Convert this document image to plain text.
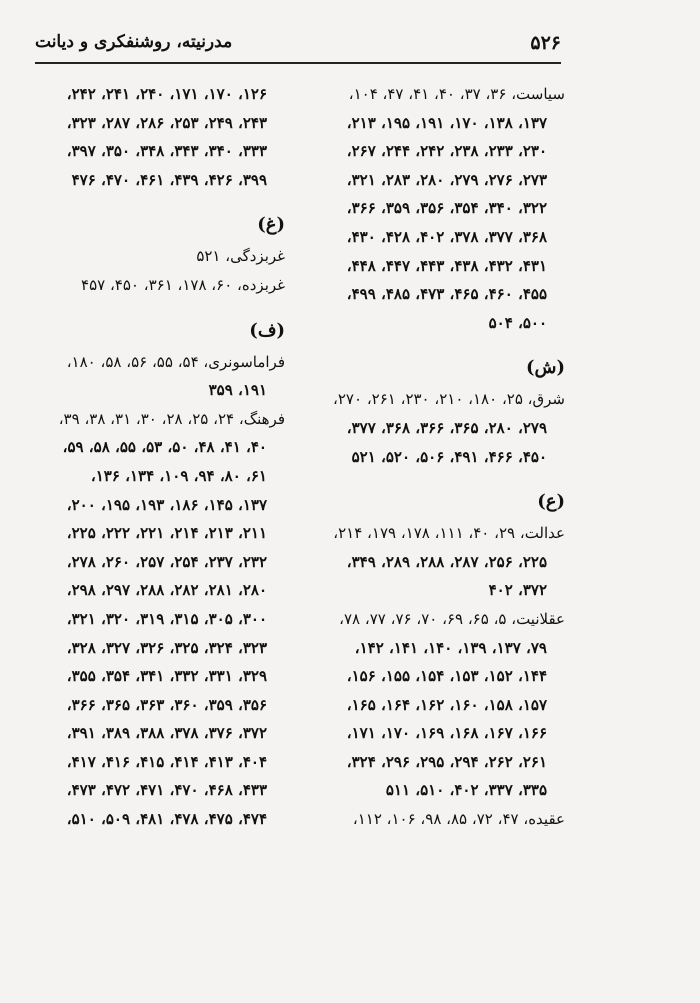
۵۲۶
مدرنیته، روشنفکری و دیانت
سیاست، ۳۶، ۳۷، ۴۰، ۴۱، ۴۷، ۱۰۴،
۱۳۷، ۱۳۸، ۱۷۰، ۱۹۱، ۱۹۵، ۲۱۳،
۲۳۰، ۲۳۳، ۲۳۸، ۲۴۲، ۲۴۴، ۲۶۷،
۲۷۳، ۲۷۶، ۲۷۹، ۲۸۰، ۲۸۳، ۳۲۱،
۳۲۲، ۳۴۰، ۳۵۴، ۳۵۶، ۳۵۹، ۳۶۶،
۳۶۸، ۳۷۷، ۳۷۸، ۴۰۲، ۴۲۸، ۴۳۰،
۴۳۱، ۴۳۲، ۴۳۸، ۴۴۳، ۴۴۷، ۴۴۸،
۴۵۵، ۴۶۰، ۴۶۵، ۴۷۳، ۴۸۵، ۴۹۹،
۵۰۰، ۵۰۴
(ش)
شرق، ۲۵، ۱۸۰، ۲۱۰، ۲۳۰، ۲۶۱، ۲۷۰،
۲۷۹، ۲۸۰، ۳۶۵، ۳۶۶، ۳۶۸، ۳۷۷،
۴۵۰، ۴۶۶، ۴۹۱، ۵۰۶، ۵۲۰، ۵۲۱
(ع)
عدالت، ۲۹، ۴۰، ۱۱۱، ۱۷۸، ۱۷۹، ۲۱۴،
۲۲۵، ۲۵۶، ۲۸۷، ۲۸۸، ۲۸۹، ۳۴۹،
۳۷۲، ۴۰۲
عقلانیت، ۵، ۶۵، ۶۹، ۷۰، ۷۶، ۷۷، ۷۸،
۷۹، ۱۳۷، ۱۳۹، ۱۴۰، ۱۴۱، ۱۴۲،
۱۴۴، ۱۵۲، ۱۵۳، ۱۵۴، ۱۵۵، ۱۵۶،
۱۵۷، ۱۵۸، ۱۶۰، ۱۶۲، ۱۶۴، ۱۶۵،
۱۶۶، ۱۶۷، ۱۶۸، ۱۶۹، ۱۷۰، ۱۷۱،
۲۶۱، ۲۶۲، ۲۹۴، ۲۹۵، ۲۹۶، ۳۲۴،
۳۳۵، ۳۳۷، ۴۰۲، ۵۱۰، ۵۱۱
عقیده، ۴۷، ۷۲، ۸۵، ۹۸، ۱۰۶، ۱۱۲،
۱۲۶، ۱۷۰، ۱۷۱، ۲۴۰، ۲۴۱، ۲۴۲،
۲۴۳، ۲۴۹، ۲۵۳، ۲۸۶، ۲۸۷، ۳۲۳،
۳۳۳، ۳۴۰، ۳۴۳، ۳۴۸، ۳۵۰، ۳۹۷،
۳۹۹، ۴۲۶، ۴۳۹، ۴۶۱، ۴۷۰، ۴۷۶
(غ)
غربزدگی، ۵۲۱
غربزده، ۶۰، ۱۷۸، ۳۶۱، ۴۵۰، ۴۵۷
(ف)
فراماسونری، ۵۴، ۵۵، ۵۶، ۵۸، ۱۸۰،
۱۹۱، ۳۵۹
فرهنگ، ۲۴، ۲۵، ۲۸، ۳۰، ۳۱، ۳۸، ۳۹،
۴۰، ۴۱، ۴۸، ۵۰، ۵۳، ۵۵، ۵۸، ۵۹،
۶۱، ۸۰، ۹۴، ۱۰۹، ۱۳۴، ۱۳۶،
۱۳۷، ۱۴۵، ۱۸۶، ۱۹۳، ۱۹۵، ۲۰۰،
۲۱۱، ۲۱۳، ۲۱۴، ۲۲۱، ۲۲۲، ۲۲۵،
۲۳۲، ۲۳۷، ۲۵۴، ۲۵۷، ۲۶۰، ۲۷۸،
۲۸۰، ۲۸۱، ۲۸۲، ۲۸۸، ۲۹۷، ۲۹۸،
۳۰۰، ۳۰۵، ۳۱۵، ۳۱۹، ۳۲۰، ۳۲۱،
۳۲۳، ۳۲۴، ۳۲۵، ۳۲۶، ۳۲۷، ۳۲۸،
۳۲۹، ۳۳۱، ۳۳۲، ۳۴۱، ۳۵۴، ۳۵۵،
۳۵۶، ۳۵۹، ۳۶۰، ۳۶۳، ۳۶۵، ۳۶۶،
۳۷۲، ۳۷۶، ۳۷۸، ۳۸۸، ۳۸۹، ۳۹۱،
۴۰۴، ۴۱۳، ۴۱۴، ۴۱۵، ۴۱۶، ۴۱۷،
۴۳۳، ۴۶۸، ۴۷۰، ۴۷۱، ۴۷۲، ۴۷۳،
۴۷۴، ۴۷۵، ۴۷۸، ۴۸۱، ۵۰۹، ۵۱۰،
